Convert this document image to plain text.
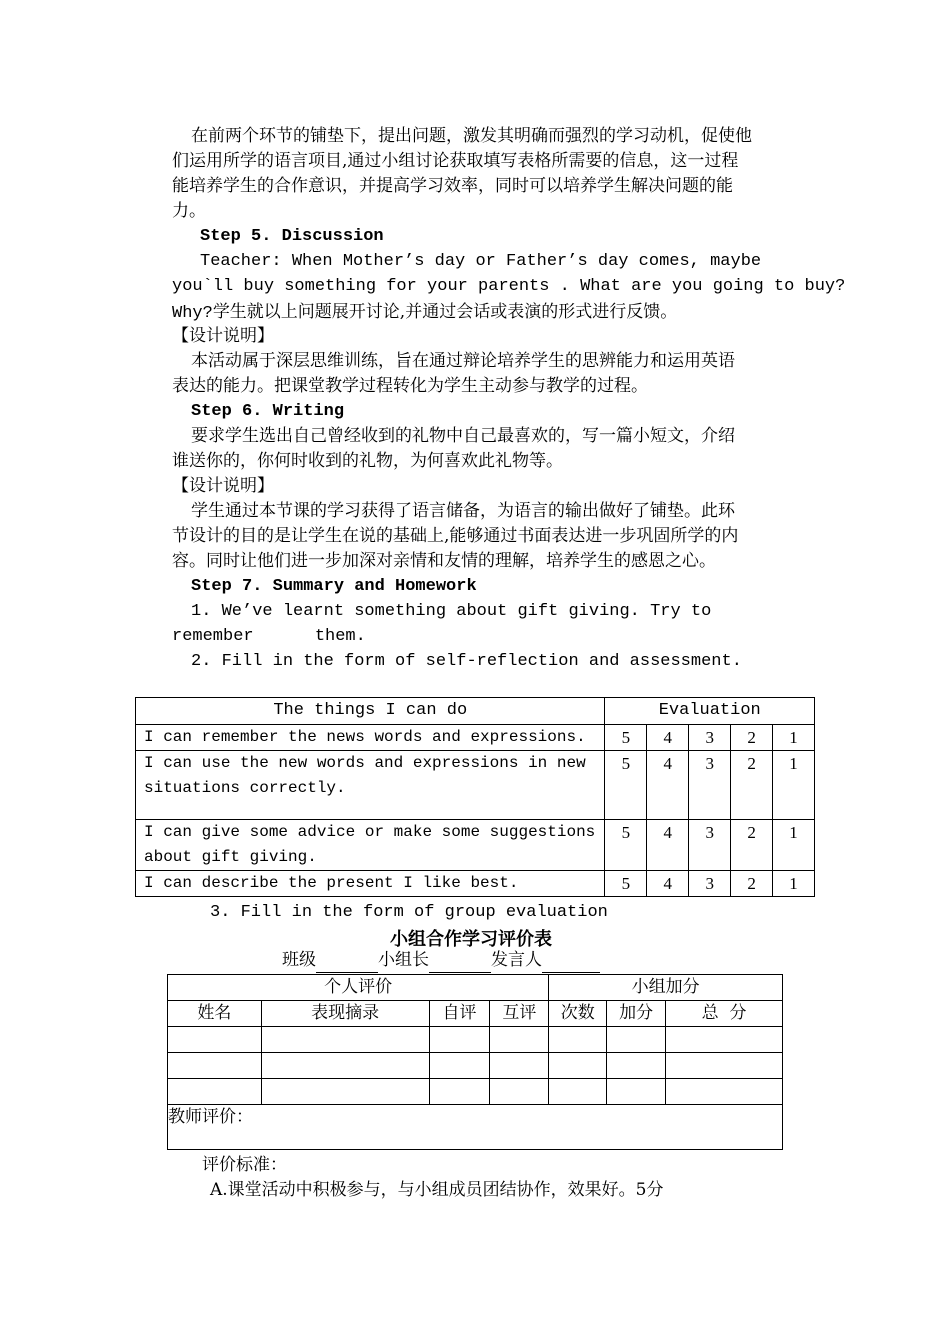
在前两个环节的铺垫下，提出问题，激发其明确而强烈的学习动机，促使他
们运用所学的语言项目,通过小组讨论获取填写表格所需要的信息，这一过程
能培养学生的合作意识，并提高学习效率，同时可以培养学生解决问题的能
力。
Step 5. Discussion
Teacher: When Mother’s day or Father’s day comes, maybe
you`ll buy something for your parents . What are you going to buy?
Why?学生就以上问题展开讨论,并通过会话或表演的形式进行反馈。
【设计说明】
本活动属于深层思维训练，旨在通过辩论培养学生的思辨能力和运用英语
表达的能力。把课堂教学过程转化为学生主动参与教学的过程。
Step 6. Writing
要求学生选出自己曾经收到的礼物中自己最喜欢的，写一篇小短文，介绍
谁送你的，你何时收到的礼物，为何喜欢此礼物等。
【设计说明】
学生通过本节课的学习获得了语言储备，为语言的输出做好了铺垫。此环
节设计的目的是让学生在说的基础上,能够通过书面表达进一步巩固所学的内
容。同时让他们进一步加深对亲情和友情的理解，培养学生的感恩之心。
Step 7. Summary and Homework
1. We’ve learnt something about gift giving. Try to
remember      them.
2. Fill in the form of self-reflection and assessment.
The things I can do	Evaluation				
I can remember the news words and expressions.	5	4	3	2	1

I can use the new words and expressions in new
situations correctly.	5	4	3	2	1

I can give some advice or make some suggestions
about gift giving.	5	4	3	2	1
I can describe the present I like best.	5	4	3	2	1
3. Fill in the form of group evaluation
小组合作学习评价表
班级	小组长	发言人
个人评价				小组加分		
姓名	表现摘录	自评	互评	次数	加分	总  分

教师评价：						
评价标准：
A.课堂活动中积极参与，与小组成员团结协作，效果好。5分
